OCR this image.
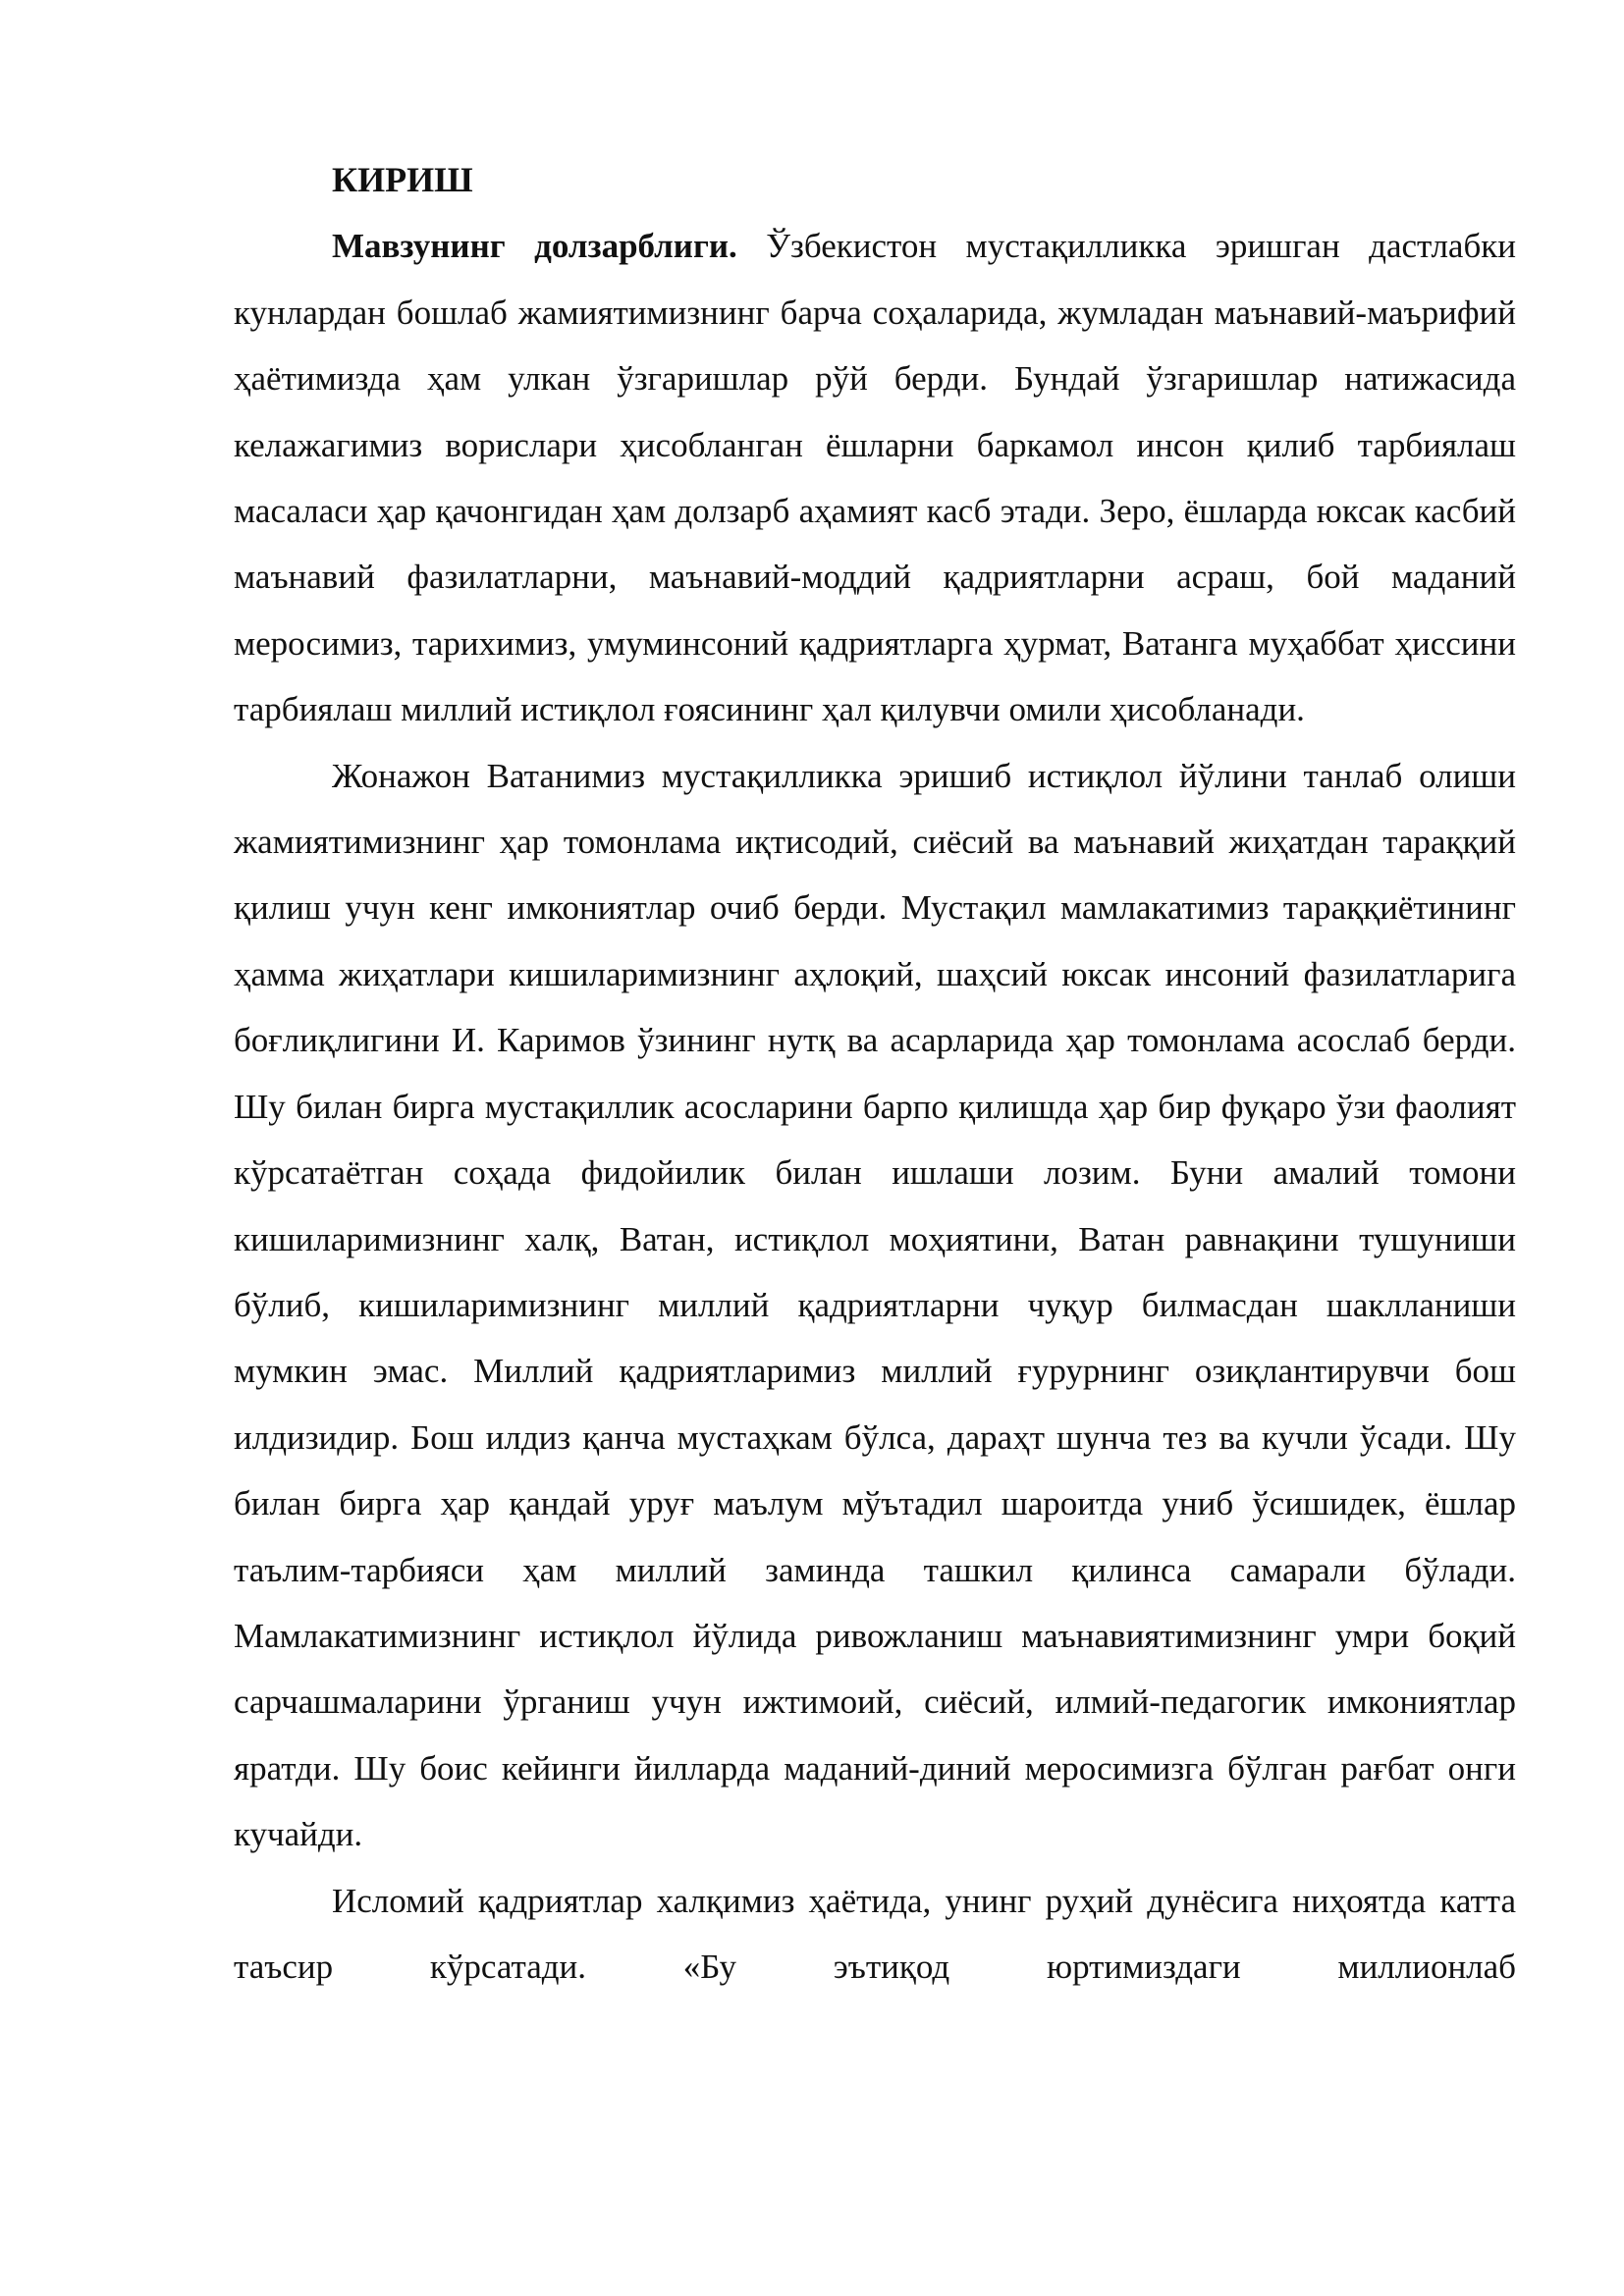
КИРИШ

Мавзунинг долзарблиги. Ўзбекистон мустақилликка эришган дастлабки кунлардан бошлаб жамиятимизнинг барча соҳаларида, жумладан маънавий-маърифий ҳаётимизда ҳам улкан ўзгаришлар рўй берди. Бундай ўзгаришлар натижасида келажагимиз ворислари ҳисобланган ёшларни баркамол инсон қилиб тарбиялаш масаласи ҳар қачонгидан ҳам долзарб аҳамият касб этади. Зеро, ёшларда юксак касбий маънавий фазилатларни, маънавий-моддий қадриятларни асраш, бой маданий меросимиз, тарихимиз, умуминсоний қадриятларга ҳурмат, Ватанга муҳаббат ҳиссини тарбиялаш миллий истиқлол ғоясининг ҳал қилувчи омили ҳисобланади.

Жонажон Ватанимиз мустақилликка эришиб истиқлол йўлини танлаб олиши жамиятимизнинг ҳар томонлама иқтисодий, сиёсий ва маънавий жиҳатдан тараққий қилиш учун кенг имкониятлар очиб берди. Мустақил мамлакатимиз тараққиётининг ҳамма жиҳатлари кишиларимизнинг аҳлоқий, шаҳсий юксак инсоний фазилатларига боғлиқлигини И. Каримов ўзининг нутқ ва асарларида ҳар томонлама асослаб берди. Шу билан бирга мустақиллик асосларини барпо қилишда ҳар бир фуқаро ўзи фаолият кўрсатаётган соҳада фидойилик билан ишлаши лозим. Буни амалий томони кишиларимизнинг халқ, Ватан, истиқлол моҳиятини, Ватан равнақини тушуниши бўлиб, кишиларимизнинг миллий қадриятларни чуқур билмасдан шаклланиши мумкин эмас. Миллий қадриятларимиз миллий ғурурнинг озиқлантирувчи бош илдизидир. Бош илдиз қанча мустаҳкам бўлса, дараҳт шунча тез ва кучли ўсади. Шу билан бирга ҳар қандай уруғ маълум мўътадил шароитда униб ўсишидек, ёшлар таълим-тарбияси ҳам миллий заминда ташкил қилинса самарали бўлади. Мамлакатимизнинг истиқлол йўлида ривожланиш маънавиятимизнинг умри боқий сарчашмаларини ўрганиш учун ижтимоий, сиёсий, илмий-педагогик имкониятлар яратди. Шу боис кейинги йилларда маданий-диний меросимизга бўлган рағбат онги кучайди.

Исломий қадриятлар халқимиз ҳаётида, унинг руҳий дунёсига ниҳоятда катта таъсир кўрсатади. «Бу эътиқод юртимиздаги миллионлаб
